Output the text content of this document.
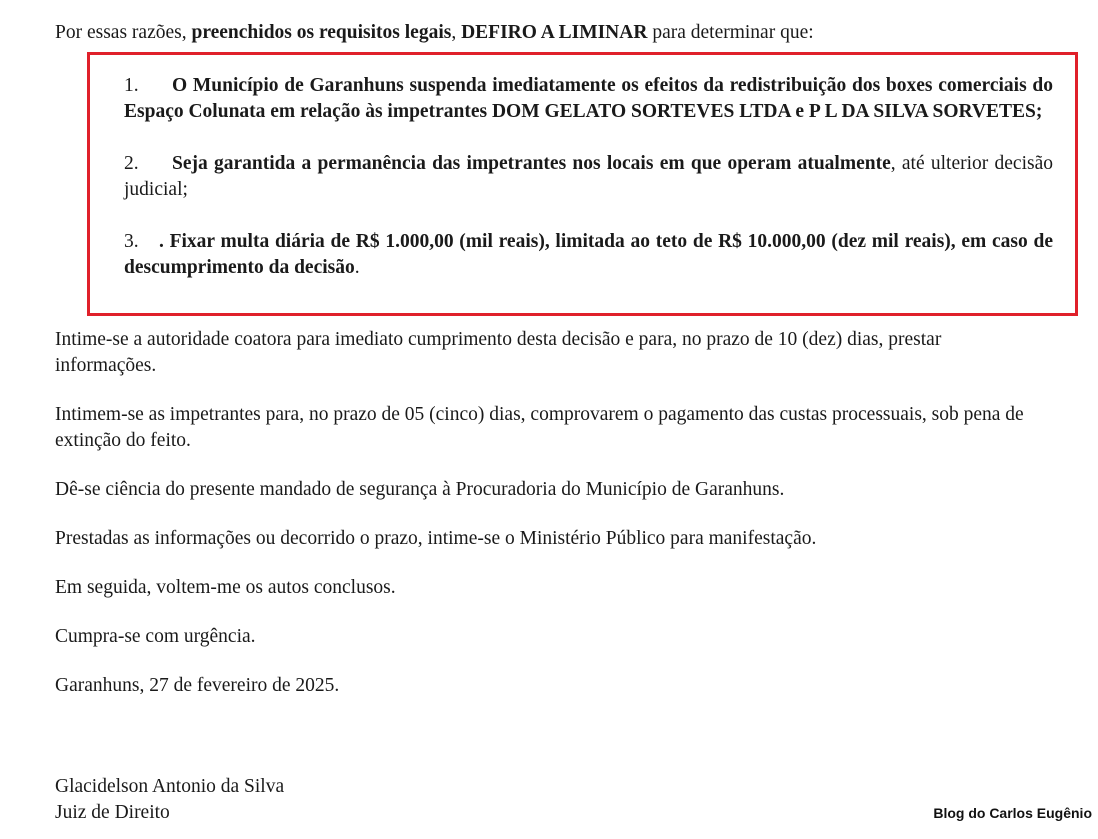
Por essas razões, preenchidos os requisitos legais, DEFIRO A LIMINAR para determinar que:

1. O Município de Garanhuns suspenda imediatamente os efeitos da redistribuição dos boxes comerciais do Espaço Colunata em relação às impetrantes DOM GELATO SORTEVES LTDA e P L DA SILVA SORVETES;

2. Seja garantida a permanência das impetrantes nos locais em que operam atualmente, até ulterior decisão judicial;

3. . Fixar multa diária de R$ 1.000,00 (mil reais), limitada ao teto de R$ 10.000,00 (dez mil reais), em caso de descumprimento da decisão.

Intime-se a autoridade coatora para imediato cumprimento desta decisão e para, no prazo de 10 (dez) dias, prestar informações.

Intimem-se as impetrantes para, no prazo de 05 (cinco) dias, comprovarem o pagamento das custas processuais, sob pena de extinção do feito.

Dê-se ciência do presente mandado de segurança à Procuradoria do Município de Garanhuns.

Prestadas as informações ou decorrido o prazo, intime-se o Ministério Público para manifestação.

Em seguida, voltem-me os autos conclusos.

Cumpra-se com urgência.

Garanhuns, 27 de fevereiro de 2025.

Glacidelson Antonio da Silva

Juiz de Direito	Blog do Carlos Eugênio
